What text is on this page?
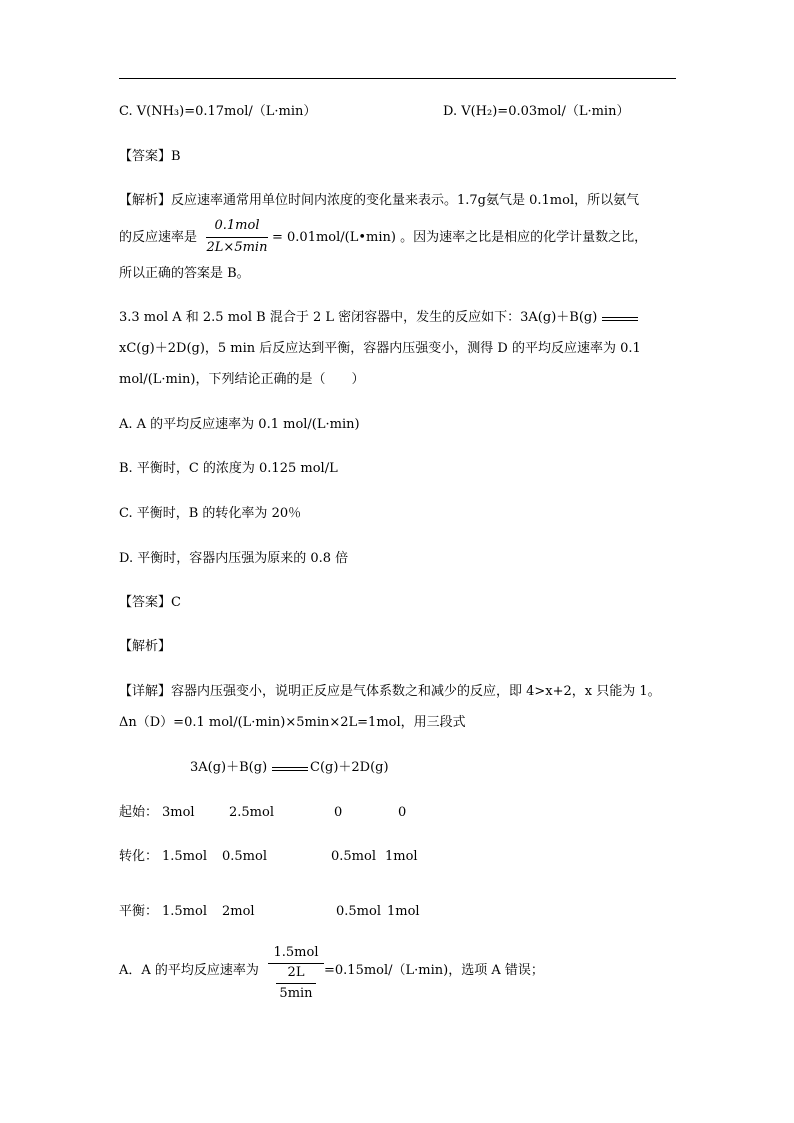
C. V(NH₃)=0.17mol/（L·min）	D. V(H₂)=0.03mol/（L·min）
【答案】B
【解析】反应速率通常用单位时间内浓度的变化量来表示。1.7g氨气是 0.1mol，所以氨气
的反应速率是
0.1mol
2L×5min
= 0.01mol/(L•min) 。因为速率之比是相应的化学计量数之比，
所以正确的答案是 B。
3.3 mol A 和 2.5 mol B 混合于 2 L 密闭容器中，发生的反应如下：3A(g)＋B(g)
xC(g)＋2D(g)，5 min 后反应达到平衡，容器内压强变小，测得 D 的平均反应速率为 0.1
mol/(L·min)，下列结论正确的是（　　）
A. A 的平均反应速率为 0.1 mol/(L·min)
B. 平衡时，C 的浓度为 0.125 mol/L
C. 平衡时，B 的转化率为 20％
D. 平衡时，容器内压强为原来的 0.8 倍
【答案】C
【解析】
【详解】容器内压强变小，说明正反应是气体系数之和减少的反应，即 4>x+2，x 只能为 1。
Δn（D）=0.1 mol/(L·min)×5min×2L=1mol，用三段式
3A(g)＋B(g)	C(g)＋2D(g)
起始： 3mol	2.5mol	0	0
转化： 1.5mol 0.5mol	0.5mol 1mol
平衡： 1.5mol 2mol	0.5mol 1mol
A．A 的平均反应速率为
1.5mol
2L
5min
=0.15mol/（L·min)，选项 A 错误；
